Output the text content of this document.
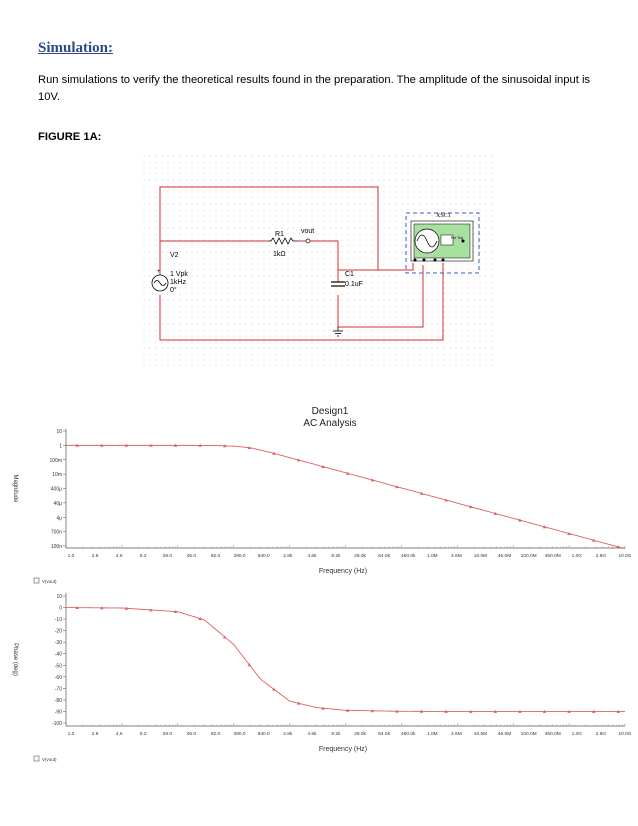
Simulation:
Run simulations to verify the theoretical results found in the preparation. The amplitude of the sinusoidal input is 10V.
FIGURE 1A:
+
V2
1 Vpk
1kHz
0°
R1
1kΩ
vout
C1
0.1uF
XSC1
Ext Trig
Design1
AC Analysis
10
1
100m
10m
400μ
40μ
4μ
700n
100n
1.0	2.8	4.6	8.2	28.0	46.0	82.0	280.0	640.0	2.8k	4.6k	8.2k	28.0k	64.0k 460.0k 1.0M	4.6M	10.0M 46.0M 100.0M 460.0M 1.0G	2.8G	10.0G
Magnitude
10
0
-10
-20
-30
-40
-50
-60
-70
-80
-90
-100
1.0	2.8	4.6	8.2	28.0	46.0	82.0	280.0	640.0	2.8k	4.6k	8.2k	28.0k	64.0k 460.0k 1.0M	4.6M	10.0M 46.0M 100.0M 460.0M 1.0G	2.8G	10.0G
Phase (deg)
Frequency (Hz)
Frequency (Hz)
V(vout)
V(vout)
